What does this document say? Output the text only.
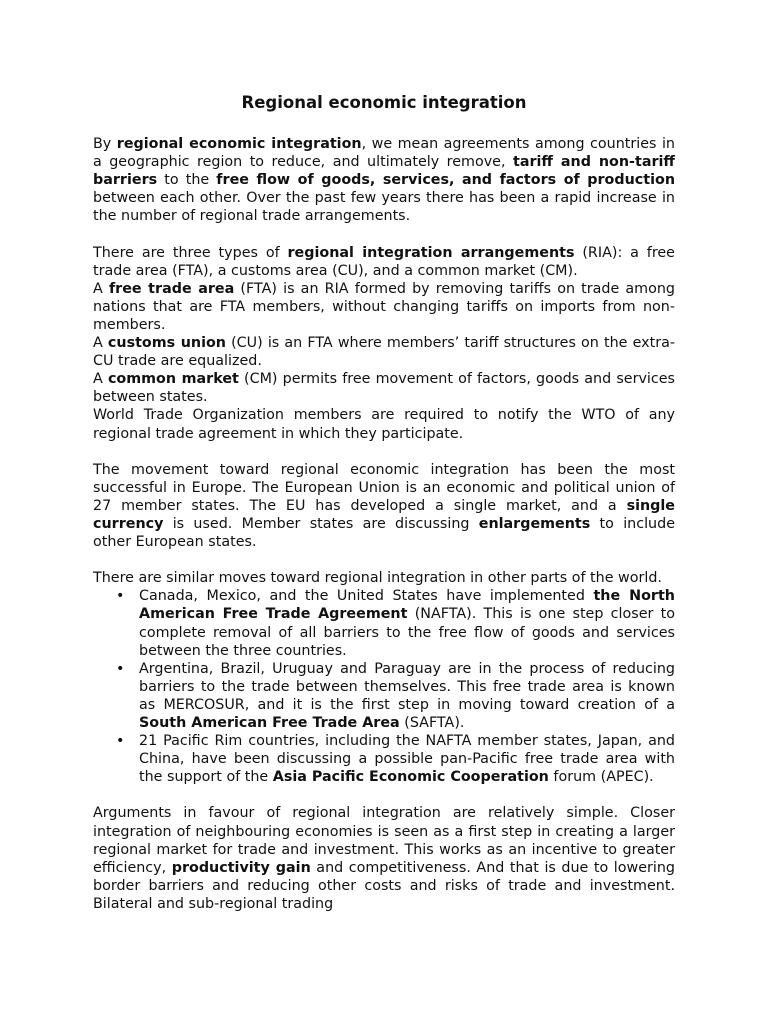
Regional economic integration

By regional economic integration, we mean agreements among countries in a geographic region to reduce, and ultimately remove, tariff and non-tariff barriers to the free flow of goods, services, and factors of production between each other. Over the past few years there has been a rapid increase in the number of regional trade arrangements.

There are three types of regional integration arrangements (RIA): a free trade area (FTA), a customs area (CU), and a common market (CM).

A free trade area (FTA) is an RIA formed by removing tariffs on trade among nations that are FTA members, without changing tariffs on imports from non-members.

A customs union (CU) is an FTA where members’ tariff structures on the extra-CU trade are equalized.

A common market (CM) permits free movement of factors, goods and services between states.

World Trade Organization members are required to notify the WTO of any regional trade agreement in which they participate.

The movement toward regional economic integration has been the most successful in Europe. The European Union is an economic and political union of 27 member states. The EU has developed a single market, and a single currency is used. Member states are discussing enlargements to include other European states.

There are similar moves toward regional integration in other parts of the world.

• Canada, Mexico, and the United States have implemented the North American Free Trade Agreement (NAFTA). This is one step closer to complete removal of all barriers to the free flow of goods and services between the three countries.
• Argentina, Brazil, Uruguay and Paraguay are in the process of reducing barriers to the trade between themselves. This free trade area is known as MERCOSUR, and it is the first step in moving toward creation of a South American Free Trade Area (SAFTA).
• 21 Pacific Rim countries, including the NAFTA member states, Japan, and China, have been discussing a possible pan-Pacific free trade area with the support of the Asia Pacific Economic Cooperation forum (APEC).

Arguments in favour of regional integration are relatively simple. Closer integration of neighbouring economies is seen as a first step in creating a larger regional market for trade and investment. This works as an incentive to greater efficiency, productivity gain and competitiveness. And that is due to lowering border barriers and reducing other costs and risks of trade and investment. Bilateral and sub-regional trading
